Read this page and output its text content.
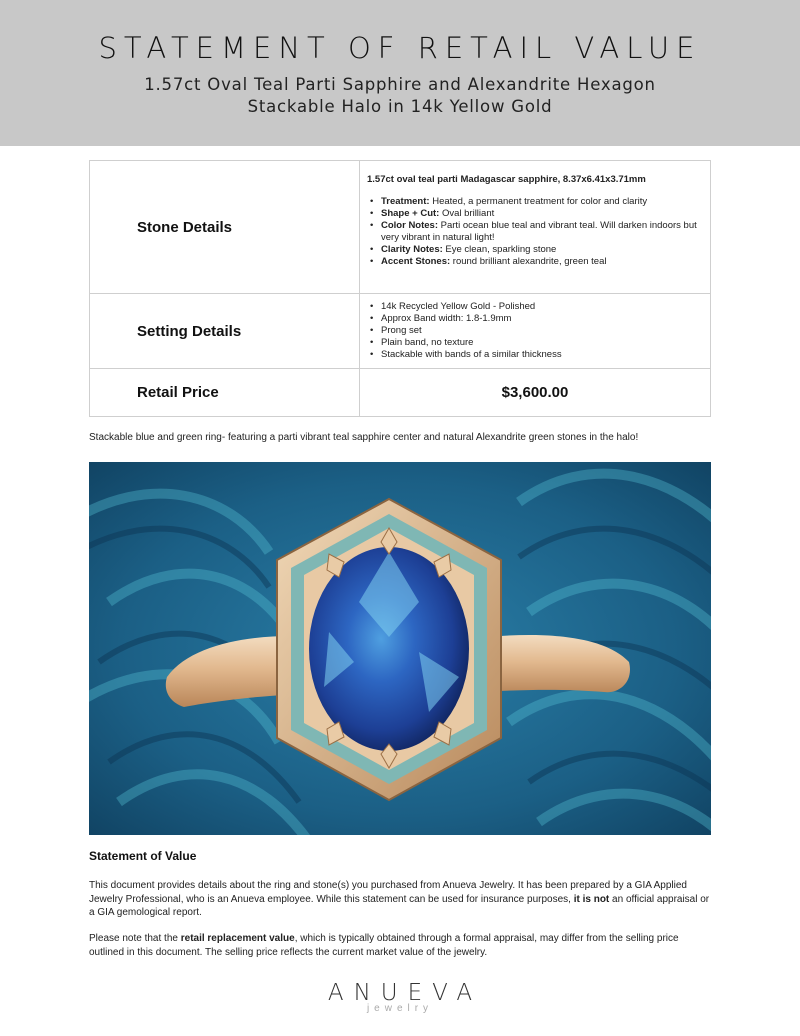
STATEMENT OF RETAIL VALUE
1.57ct Oval Teal Parti Sapphire and Alexandrite Hexagon Stackable Halo in 14k Yellow Gold
Stone Details
1.57ct oval teal parti Madagascar sapphire, 8.37x6.41x3.71mm
• Treatment: Heated, a permanent treatment for color and clarity
• Shape + Cut: Oval brilliant
• Color Notes: Parti ocean blue teal and vibrant teal. Will darken indoors but very vibrant in natural light!
• Clarity Notes: Eye clean, sparkling stone
• Accent Stones: round brilliant alexandrite, green teal
Setting Details
• 14k Recycled Yellow Gold - Polished
• Approx Band width: 1.8-1.9mm
• Prong set
• Plain band, no texture
• Stackable with bands of a similar thickness
Retail Price	$3,600.00
Stackable blue and green ring- featuring a parti vibrant teal sapphire center and natural Alexandrite green stones in the halo!
Statement of Value
This document provides details about the ring and stone(s) you purchased from Anueva Jewelry. It has been prepared by a GIA Applied Jewelry Professional, who is an Anueva employee. While this statement can be used for insurance purposes, it is not an official appraisal or a GIA gemological report.
Please note that the retail replacement value, which is typically obtained through a formal appraisal, may differ from the selling price outlined in this document. The selling price reflects the current market value of the jewelry.
ANUEVA
jewelry
